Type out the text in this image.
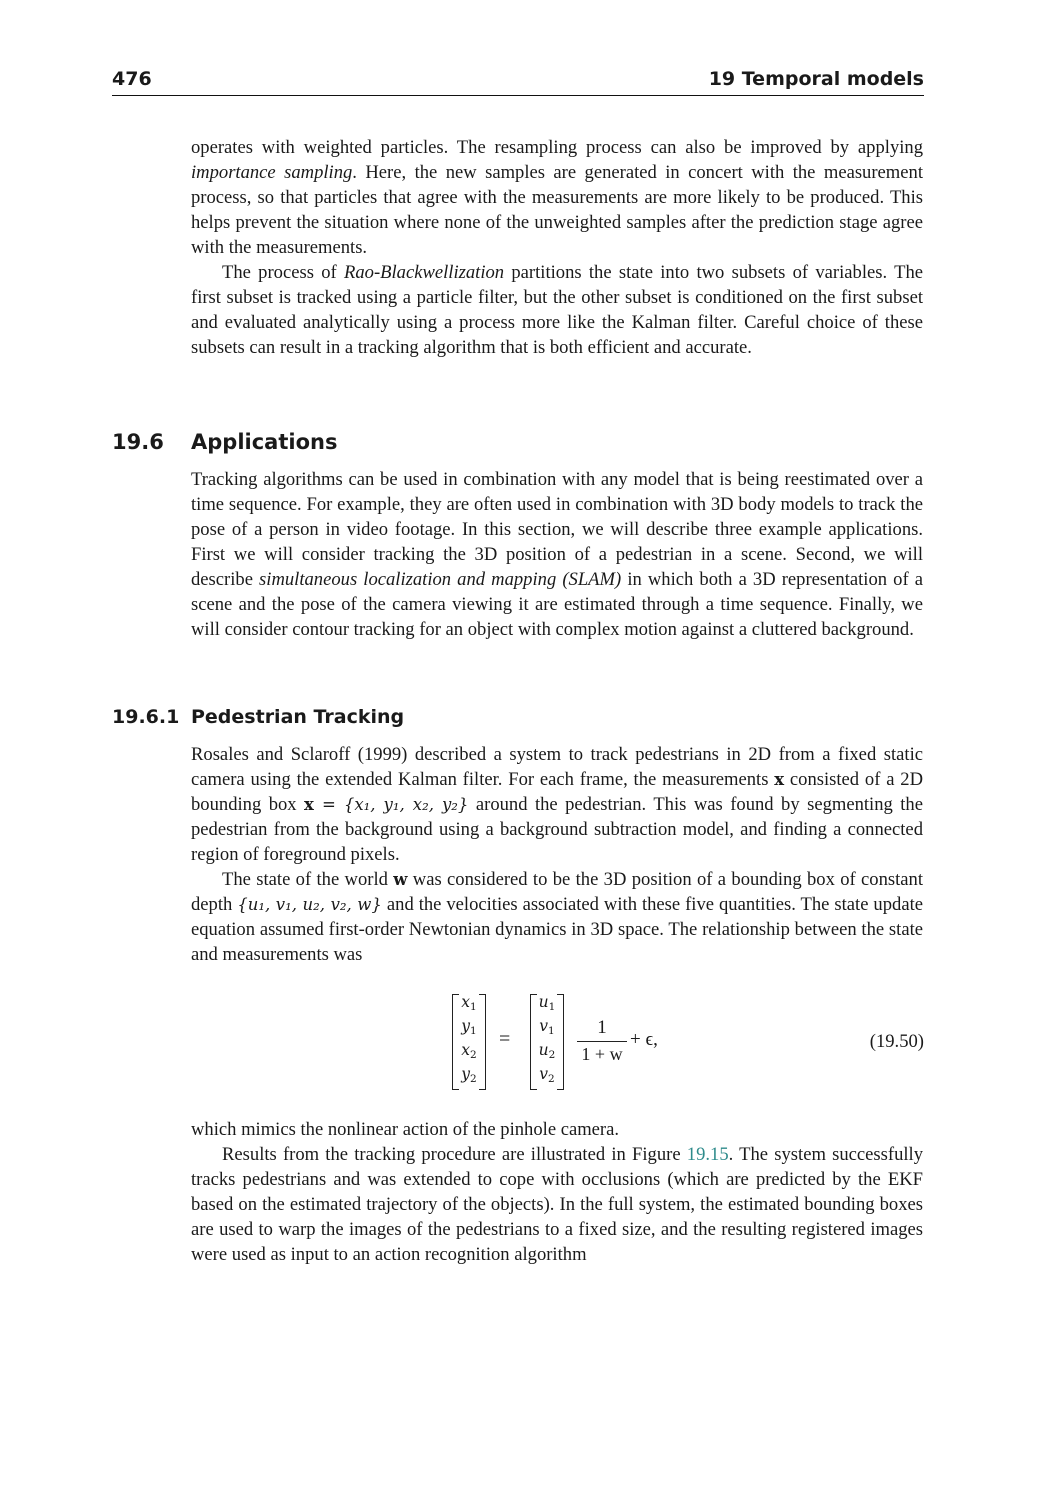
476	19 Temporal models

operates with weighted particles. The resampling process can also be improved by applying importance sampling. Here, the new samples are generated in concert with the measurement process, so that particles that agree with the measurements are more likely to be produced. This helps prevent the situation where none of the unweighted samples after the prediction stage agree with the measurements.

The process of Rao-Blackwellization partitions the state into two subsets of variables. The first subset is tracked using a particle filter, but the other subset is conditioned on the first subset and evaluated analytically using a process more like the Kalman filter. Careful choice of these subsets can result in a tracking algorithm that is both efficient and accurate.

19.6 Applications

Tracking algorithms can be used in combination with any model that is being reestimated over a time sequence. For example, they are often used in combination with 3D body models to track the pose of a person in video footage. In this section, we will describe three example applications. First we will consider tracking the 3D position of a pedestrian in a scene. Second, we will describe simultaneous localization and mapping (SLAM) in which both a 3D representation of a scene and the pose of the camera viewing it are estimated through a time sequence. Finally, we will consider contour tracking for an object with complex motion against a cluttered background.

19.6.1 Pedestrian Tracking

Rosales and Sclaroff (1999) described a system to track pedestrians in 2D from a fixed static camera using the extended Kalman filter. For each frame, the measurements x consisted of a 2D bounding box x = {x₁, y₁, x₂, y₂} around the pedestrian. This was found by segmenting the pedestrian from the background using a background subtraction model, and finding a connected region of foreground pixels.

The state of the world w was considered to be the 3D position of a bounding box of constant depth {u₁, v₁, u₂, v₂, w} and the velocities associated with these five quantities. The state update equation assumed first-order Newtonian dynamics in 3D space. The relationship between the state and measurements was

$x_1$
$y_1$
$x_2$
$y_2$
=
$u_1$
$v_1$
$u_2$
$v_2$
1
1 + w
+ ϵ,	(19.50)

which mimics the nonlinear action of the pinhole camera.

Results from the tracking procedure are illustrated in Figure 19.15. The system successfully tracks pedestrians and was extended to cope with occlusions (which are predicted by the EKF based on the estimated trajectory of the objects). In the full system, the estimated bounding boxes are used to warp the images of the pedestrians to a fixed size, and the resulting registered images were used as input to an action recognition algorithm
